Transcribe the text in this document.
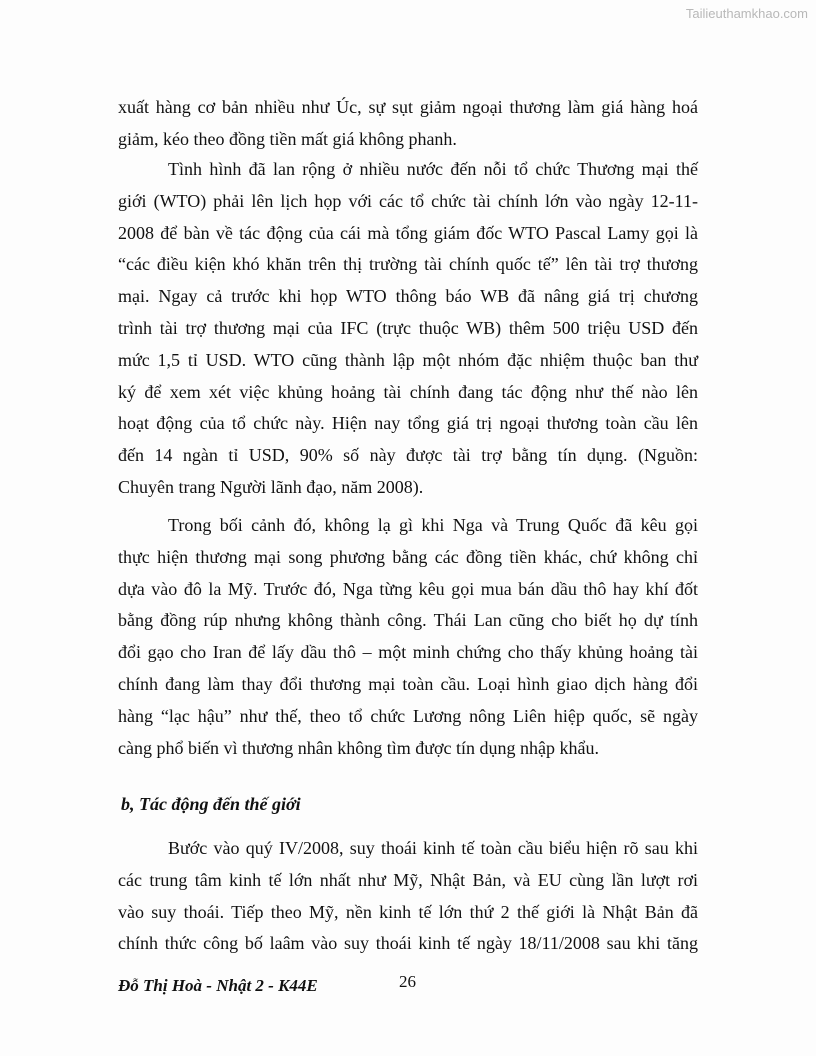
Tailieuthamkhao.com
xuất hàng cơ bản nhiều như Úc, sự sụt giảm ngoại thương làm giá hàng hoá
giảm, kéo theo đồng tiền mất giá không phanh.
Tình hình đã lan rộng ở nhiều nước đến nỗi tổ chức Thương mại thế
giới (WTO) phải lên lịch họp với các tổ chức tài chính lớn vào ngày 12-11-
2008 để bàn về tác động của cái mà tổng giám đốc WTO Pascal Lamy gọi là
“các điều kiện khó khăn trên thị trường tài chính quốc tế” lên tài trợ thương
mại. Ngay cả trước khi họp WTO thông báo WB đã nâng giá trị chương
trình tài trợ thương mại của IFC (trực thuộc WB) thêm 500 triệu USD đến
mức 1,5 tỉ USD. WTO cũng thành lập một nhóm đặc nhiệm thuộc ban thư
ký để xem xét việc khủng hoảng tài chính đang tác động như thế nào lên
hoạt động của tổ chức này. Hiện nay tổng giá trị ngoại thương toàn cầu lên
đến 14 ngàn tỉ USD, 90% số này được tài trợ bằng tín dụng. (Nguồn:
Chuyên trang Người lãnh đạo, năm 2008).
Trong bối cảnh đó, không lạ gì khi Nga và Trung Quốc đã kêu gọi
thực hiện thương mại song phương bằng các đồng tiền khác, chứ không chỉ
dựa vào đô la Mỹ. Trước đó, Nga từng kêu gọi mua bán dầu thô hay khí đốt
bằng đồng rúp nhưng không thành công. Thái Lan cũng cho biết họ dự tính
đổi gạo cho Iran để lấy dầu thô – một minh chứng cho thấy khủng hoảng tài
chính đang làm thay đổi thương mại toàn cầu. Loại hình giao dịch hàng đổi
hàng “lạc hậu” như thế, theo tổ chức Lương nông Liên hiệp quốc, sẽ ngày
càng phổ biến vì thương nhân không tìm được tín dụng nhập khẩu.
Bước vào quý IV/2008, suy thoái kinh tế toàn cầu biểu hiện rõ sau khi
các trung tâm kinh tế lớn nhất như Mỹ, Nhật Bản, và EU cùng lần lượt rơi
vào suy thoái. Tiếp theo Mỹ, nền kinh tế lớn thứ 2 thế giới là Nhật Bản đã
chính thức công bố laâm vào suy thoái kinh tế ngày 18/11/2008 sau khi tăng
b, Tác động đến thế giới
Đỗ Thị Hoà - Nhật 2 - K44E	26
